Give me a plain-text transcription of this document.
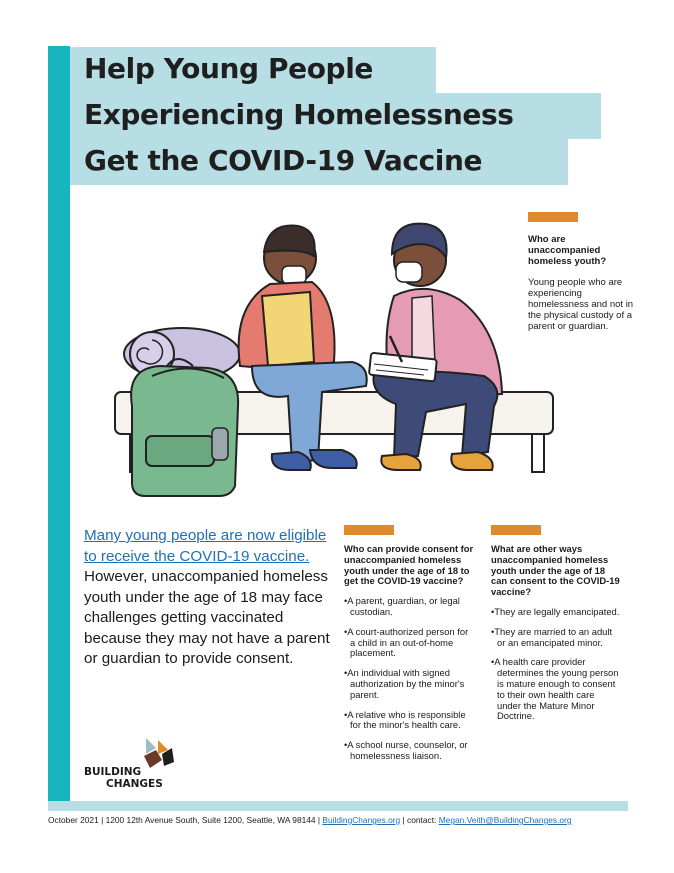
Help Young People
Experiencing Homelessness
Get the COVID-19 Vaccine
Who are unaccompanied homeless youth?
Young people who are experiencing homelessness and not in the physical custody of a parent or guardian.
Many young people are now eligible to receive the COVID-19 vaccine. However, unaccompanied homeless youth under the age of 18 may face challenges getting vaccinated because they may not have a parent or guardian to provide consent.
Who can provide consent for unaccompanied homeless youth under the age of 18 to get the COVID-19 vaccine?
• A parent, guardian, or legal custodian.
• A court-authorized person for a child in an out-of-home placement.
• An individual with signed authorization by the minor's parent.
• A relative who is responsible for the minor's health care.
• A school nurse, counselor, or homelessness liaison.
What are other ways unaccompanied homeless youth under the age of 18 can consent to the COVID-19 vaccine?
• They are legally emancipated.
• They are married to an adult or an emancipated minor.
• A health care provider determines the young person is mature enough to consent to their own health care under the Mature Minor Doctrine.
BUILDING
CHANGES
October 2021 | 1200 12th Avenue South, Suite 1200, Seattle, WA 98144 | BuildingChanges.org | contact: Megan.Veith@BuildingChanges.org
